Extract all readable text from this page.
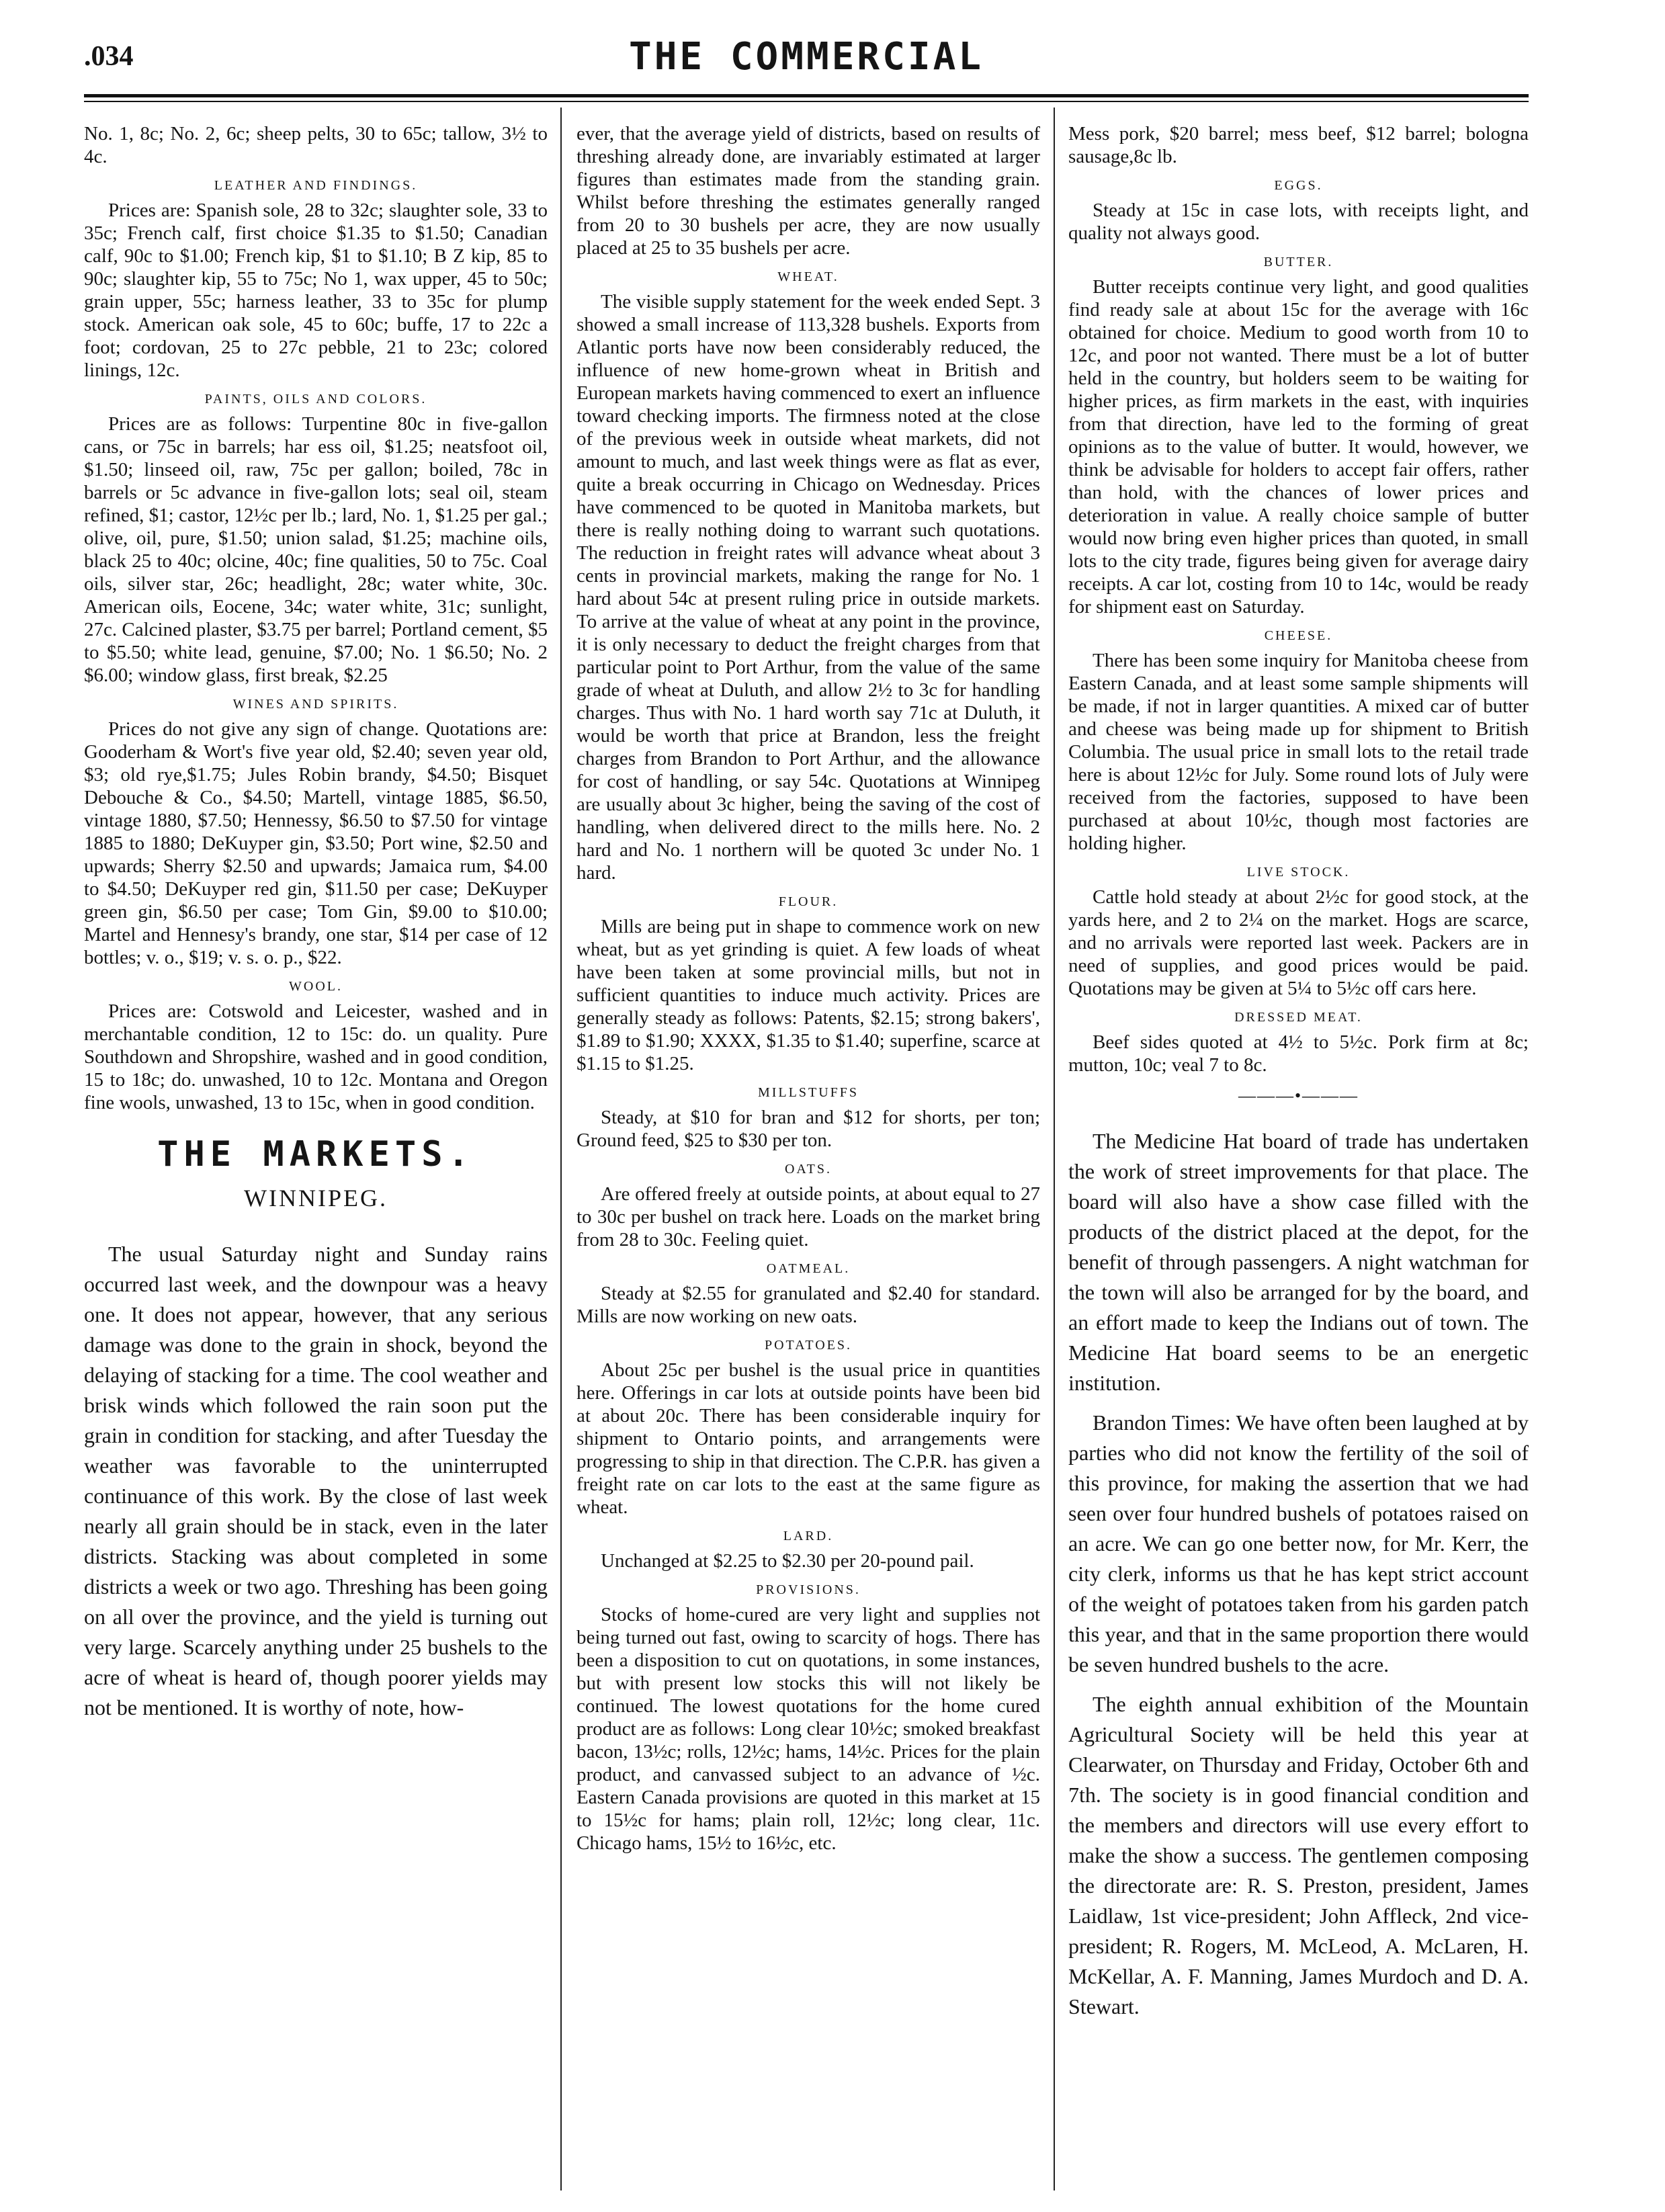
.034	THE COMMERCIAL

No. 1, 8c; No. 2, 6c; sheep pelts, 30 to 65c; tallow, 3½ to 4c.

LEATHER AND FINDINGS.

Prices are: Spanish sole, 28 to 32c; slaughter sole, 33 to 35c; French calf, first choice $1.35 to $1.50; Canadian calf, 90c to $1.00; French kip, $1 to $1.10; B Z kip, 85 to 90c; slaughter kip, 55 to 75c; No 1, wax upper, 45 to 50c; grain upper, 55c; harness leather, 33 to 35c for plump stock. American oak sole, 45 to 60c; buffe, 17 to 22c a foot; cordovan, 25 to 27c pebble, 21 to 23c; colored linings, 12c.

PAINTS, OILS AND COLORS.

Prices are as follows: Turpentine 80c in five-gallon cans, or 75c in barrels; har ess oil, $1.25; neatsfoot oil, $1.50; linseed oil, raw, 75c per gallon; boiled, 78c in barrels or 5c advance in five-gallon lots; seal oil, steam refined, $1; castor, 12½c per lb.; lard, No. 1, $1.25 per gal.; olive, oil, pure, $1.50; union salad, $1.25; machine oils, black 25 to 40c; olcine, 40c; fine qualities, 50 to 75c. Coal oils, silver star, 26c; headlight, 28c; water white, 30c. American oils, Eocene, 34c; water white, 31c; sunlight, 27c. Calcined plaster, $3.75 per barrel; Portland cement, $5 to $5.50; white lead, genuine, $7.00; No. 1 $6.50; No. 2 $6.00; window glass, first break, $2.25

WINES AND SPIRITS.

Prices do not give any sign of change. Quotations are: Gooderham & Wort's five year old, $2.40; seven year old, $3; old rye,$1.75; Jules Robin brandy, $4.50; Bisquet Debouche & Co., $4.50; Martell, vintage 1885, $6.50, vintage 1880, $7.50; Hennessy, $6.50 to $7.50 for vintage 1885 to 1880; DeKuyper gin, $3.50; Port wine, $2.50 and upwards; Sherry $2.50 and upwards; Jamaica rum, $4.00 to $4.50; DeKuyper red gin, $11.50 per case; DeKuyper green gin, $6.50 per case; Tom Gin, $9.00 to $10.00; Martel and Hennesy's brandy, one star, $14 per case of 12 bottles; v. o., $19; v. s. o. p., $22.

WOOL.

Prices are: Cotswold and Leicester, washed and in merchantable condition, 12 to 15c: do. un quality. Pure Southdown and Shropshire, washed and in good condition, 15 to 18c; do. unwashed, 10 to 12c. Montana and Oregon fine wools, unwashed, 13 to 15c, when in good condition.

THE MARKETS.
WINNIPEG.

The usual Saturday night and Sunday rains occurred last week, and the downpour was a heavy one. It does not appear, however, that any serious damage was done to the grain in shock, beyond the delaying of stacking for a time. The cool weather and brisk winds which followed the rain soon put the grain in condition for stacking, and after Tuesday the weather was favorable to the uninterrupted continuance of this work. By the close of last week nearly all grain should be in stack, even in the later districts. Stacking was about completed in some districts a week or two ago. Threshing has been going on all over the province, and the yield is turning out very large. Scarcely anything under 25 bushels to the acre of wheat is heard of, though poorer yields may not be mentioned. It is worthy of note, how-

ever, that the average yield of districts, based on results of threshing already done, are invariably estimated at larger figures than estimates made from the standing grain. Whilst before threshing the estimates generally ranged from 20 to 30 bushels per acre, they are now usually placed at 25 to 35 bushels per acre.

WHEAT.

The visible supply statement for the week ended Sept. 3 showed a small increase of 113,328 bushels. Exports from Atlantic ports have now been considerably reduced, the influence of new home-grown wheat in British and European markets having commenced to exert an influence toward checking imports. The firmness noted at the close of the previous week in outside wheat markets, did not amount to much, and last week things were as flat as ever, quite a break occurring in Chicago on Wednesday. Prices have commenced to be quoted in Manitoba markets, but there is really nothing doing to warrant such quotations. The reduction in freight rates will advance wheat about 3 cents in provincial markets, making the range for No. 1 hard about 54c at present ruling price in outside markets. To arrive at the value of wheat at any point in the province, it is only necessary to deduct the freight charges from that particular point to Port Arthur, from the value of the same grade of wheat at Duluth, and allow 2½ to 3c for handling charges. Thus with No. 1 hard worth say 71c at Duluth, it would be worth that price at Brandon, less the freight charges from Brandon to Port Arthur, and the allowance for cost of handling, or say 54c. Quotations at Winnipeg are usually about 3c higher, being the saving of the cost of handling, when delivered direct to the mills here. No. 2 hard and No. 1 northern will be quoted 3c under No. 1 hard.

FLOUR.

Mills are being put in shape to commence work on new wheat, but as yet grinding is quiet. A few loads of wheat have been taken at some provincial mills, but not in sufficient quantities to induce much activity. Prices are generally steady as follows: Patents, $2.15; strong bakers', $1.89 to $1.90; XXXX, $1.35 to $1.40; superfine, scarce at $1.15 to $1.25.

MILLSTUFFS

Steady, at $10 for bran and $12 for shorts, per ton; Ground feed, $25 to $30 per ton.

OATS.

Are offered freely at outside points, at about equal to 27 to 30c per bushel on track here. Loads on the market bring from 28 to 30c. Feeling quiet.

OATMEAL.

Steady at $2.55 for granulated and $2.40 for standard. Mills are now working on new oats.

POTATOES.

About 25c per bushel is the usual price in quantities here. Offerings in car lots at outside points have been bid at about 20c. There has been considerable inquiry for shipment to Ontario points, and arrangements were progressing to ship in that direction. The C.P.R. has given a freight rate on car lots to the east at the same figure as wheat.

LARD.

Unchanged at $2.25 to $2.30 per 20-pound pail.

PROVISIONS.

Stocks of home-cured are very light and supplies not being turned out fast, owing to scarcity of hogs. There has been a disposition to cut on quotations, in some instances, but with present low stocks this will not likely be continued. The lowest quotations for the home cured product are as follows: Long clear 10½c; smoked breakfast bacon, 13½c; rolls, 12½c; hams, 14½c. Prices for the plain product, and canvassed subject to an advance of ½c. Eastern Canada provisions are quoted in this market at 15 to 15½c for hams; plain roll, 12½c; long clear, 11c. Chicago hams, 15½ to 16½c, etc.

Mess pork, $20 barrel; mess beef, $12 barrel; bologna sausage,8c lb.

EGGS.

Steady at 15c in case lots, with receipts light, and quality not always good.

BUTTER.

Butter receipts continue very light, and good qualities find ready sale at about 15c for the average with 16c obtained for choice. Medium to good worth from 10 to 12c, and poor not wanted. There must be a lot of butter held in the country, but holders seem to be waiting for higher prices, as firm markets in the east, with inquiries from that direction, have led to the forming of great opinions as to the value of butter. It would, however, we think be advisable for holders to accept fair offers, rather than hold, with the chances of lower prices and deterioration in value. A really choice sample of butter would now bring even higher prices than quoted, in small lots to the city trade, figures being given for average dairy receipts. A car lot, costing from 10 to 14c, would be ready for shipment east on Saturday.

CHEESE.

There has been some inquiry for Manitoba cheese from Eastern Canada, and at least some sample shipments will be made, if not in larger quantities. A mixed car of butter and cheese was being made up for shipment to British Columbia. The usual price in small lots to the retail trade here is about 12½c for July. Some round lots of July were received from the factories, supposed to have been purchased at about 10½c, though most factories are holding higher.

LIVE STOCK.

Cattle hold steady at about 2½c for good stock, at the yards here, and 2 to 2¼ on the market. Hogs are scarce, and no arrivals were reported last week. Packers are in need of supplies, and good prices would be paid. Quotations may be given at 5¼ to 5½c off cars here.

DRESSED MEAT.

Beef sides quoted at 4½ to 5½c. Pork firm at 8c; mutton, 10c; veal 7 to 8c.

———•———

The Medicine Hat board of trade has undertaken the work of street improvements for that place. The board will also have a show case filled with the products of the district placed at the depot, for the benefit of through passengers. A night watchman for the town will also be arranged for by the board, and an effort made to keep the Indians out of town. The Medicine Hat board seems to be an energetic institution.

Brandon Times: We have often been laughed at by parties who did not know the fertility of the soil of this province, for making the assertion that we had seen over four hundred bushels of potatoes raised on an acre. We can go one better now, for Mr. Kerr, the city clerk, informs us that he has kept strict account of the weight of potatoes taken from his garden patch this year, and that in the same proportion there would be seven hundred bushels to the acre.

The eighth annual exhibition of the Mountain Agricultural Society will be held this year at Clearwater, on Thursday and Friday, October 6th and 7th. The society is in good financial condition and the members and directors will use every effort to make the show a success. The gentlemen composing the directorate are: R. S. Preston, president, James Laidlaw, 1st vice-president; John Affleck, 2nd vice-president; R. Rogers, M. McLeod, A. McLaren, H. McKellar, A. F. Manning, James Murdoch and D. A. Stewart.
